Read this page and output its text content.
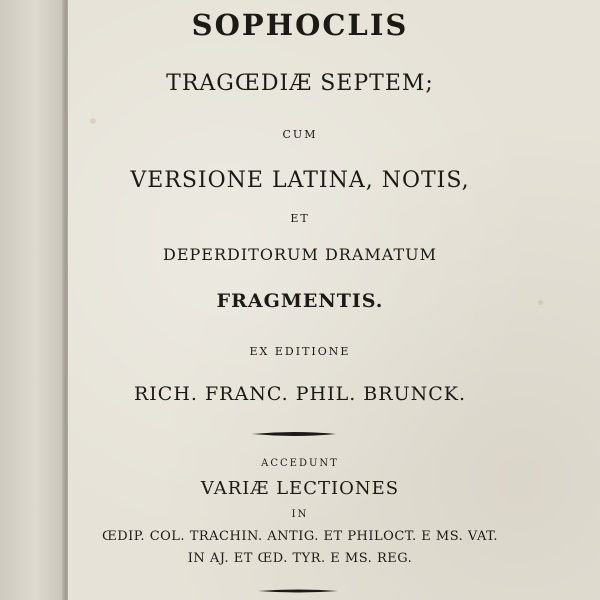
SOPHOCLIS
TRAGŒDIÆ SEPTEM;
CUM
VERSIONE LATINA, NOTIS,
ET
DEPERDITORUM DRAMATUM
FRAGMENTIS.
EX EDITIONE
RICH. FRANC. PHIL. BRUNCK.
ACCEDUNT
VARIÆ LECTIONES
IN
ŒDIP. COL. TRACHIN. ANTIG. ET PHILOCT. E MS. VAT.
IN AJ. ET ŒD. TYR. E MS. REG.
